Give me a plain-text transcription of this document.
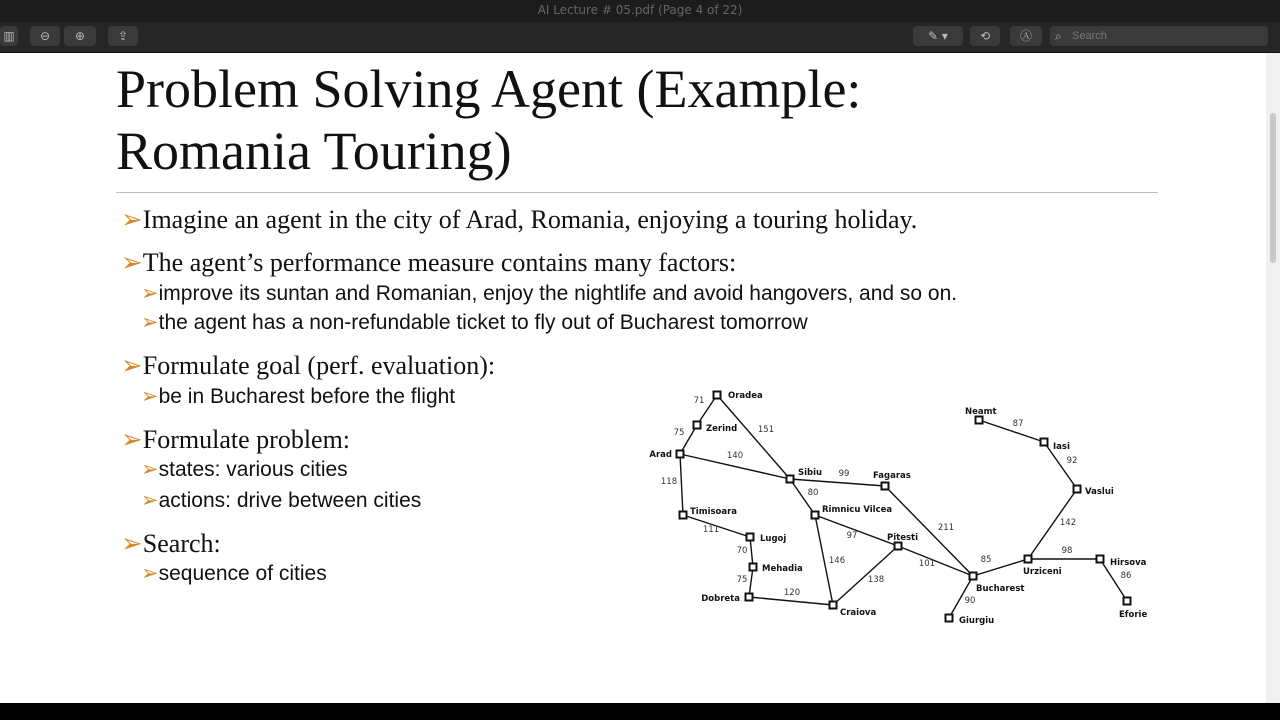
AI Lecture # 05.pdf (Page 4 of 22)
▥	⊖	⊕	⇪	✎ ▾	⟲	Ⓐ	⌕ Search
Problem Solving Agent (Example:
Romania Touring)
➢Imagine an agent in the city of Arad, Romania, enjoying a touring holiday.
➢The agent’s performance measure contains many factors:
➢improve its suntan and Romanian, enjoy the nightlife and avoid hangovers, and so on.
➢the agent has a non-refundable ticket to fly out of Bucharest tomorrow
➢Formulate goal (perf. evaluation):
➢be in Bucharest before the flight
➢Formulate problem:
➢states: various cities
➢actions: drive between cities
➢Search:
➢sequence of cities
71
75	151
140
118
111
70
75
120
99
80
97
146
138
211
101
90
85
98
86
142
92
87
Oradea
Zerind
Arad
Timisoara
Lugoj
Mehadia
Dobreta
Craiova
Sibiu
Rimnicu Vilcea
Fagaras
Pitesti
Bucharest
Giurgiu
Urziceni
Hirsova
Eforie
Vaslui
Iasi
Neamt
